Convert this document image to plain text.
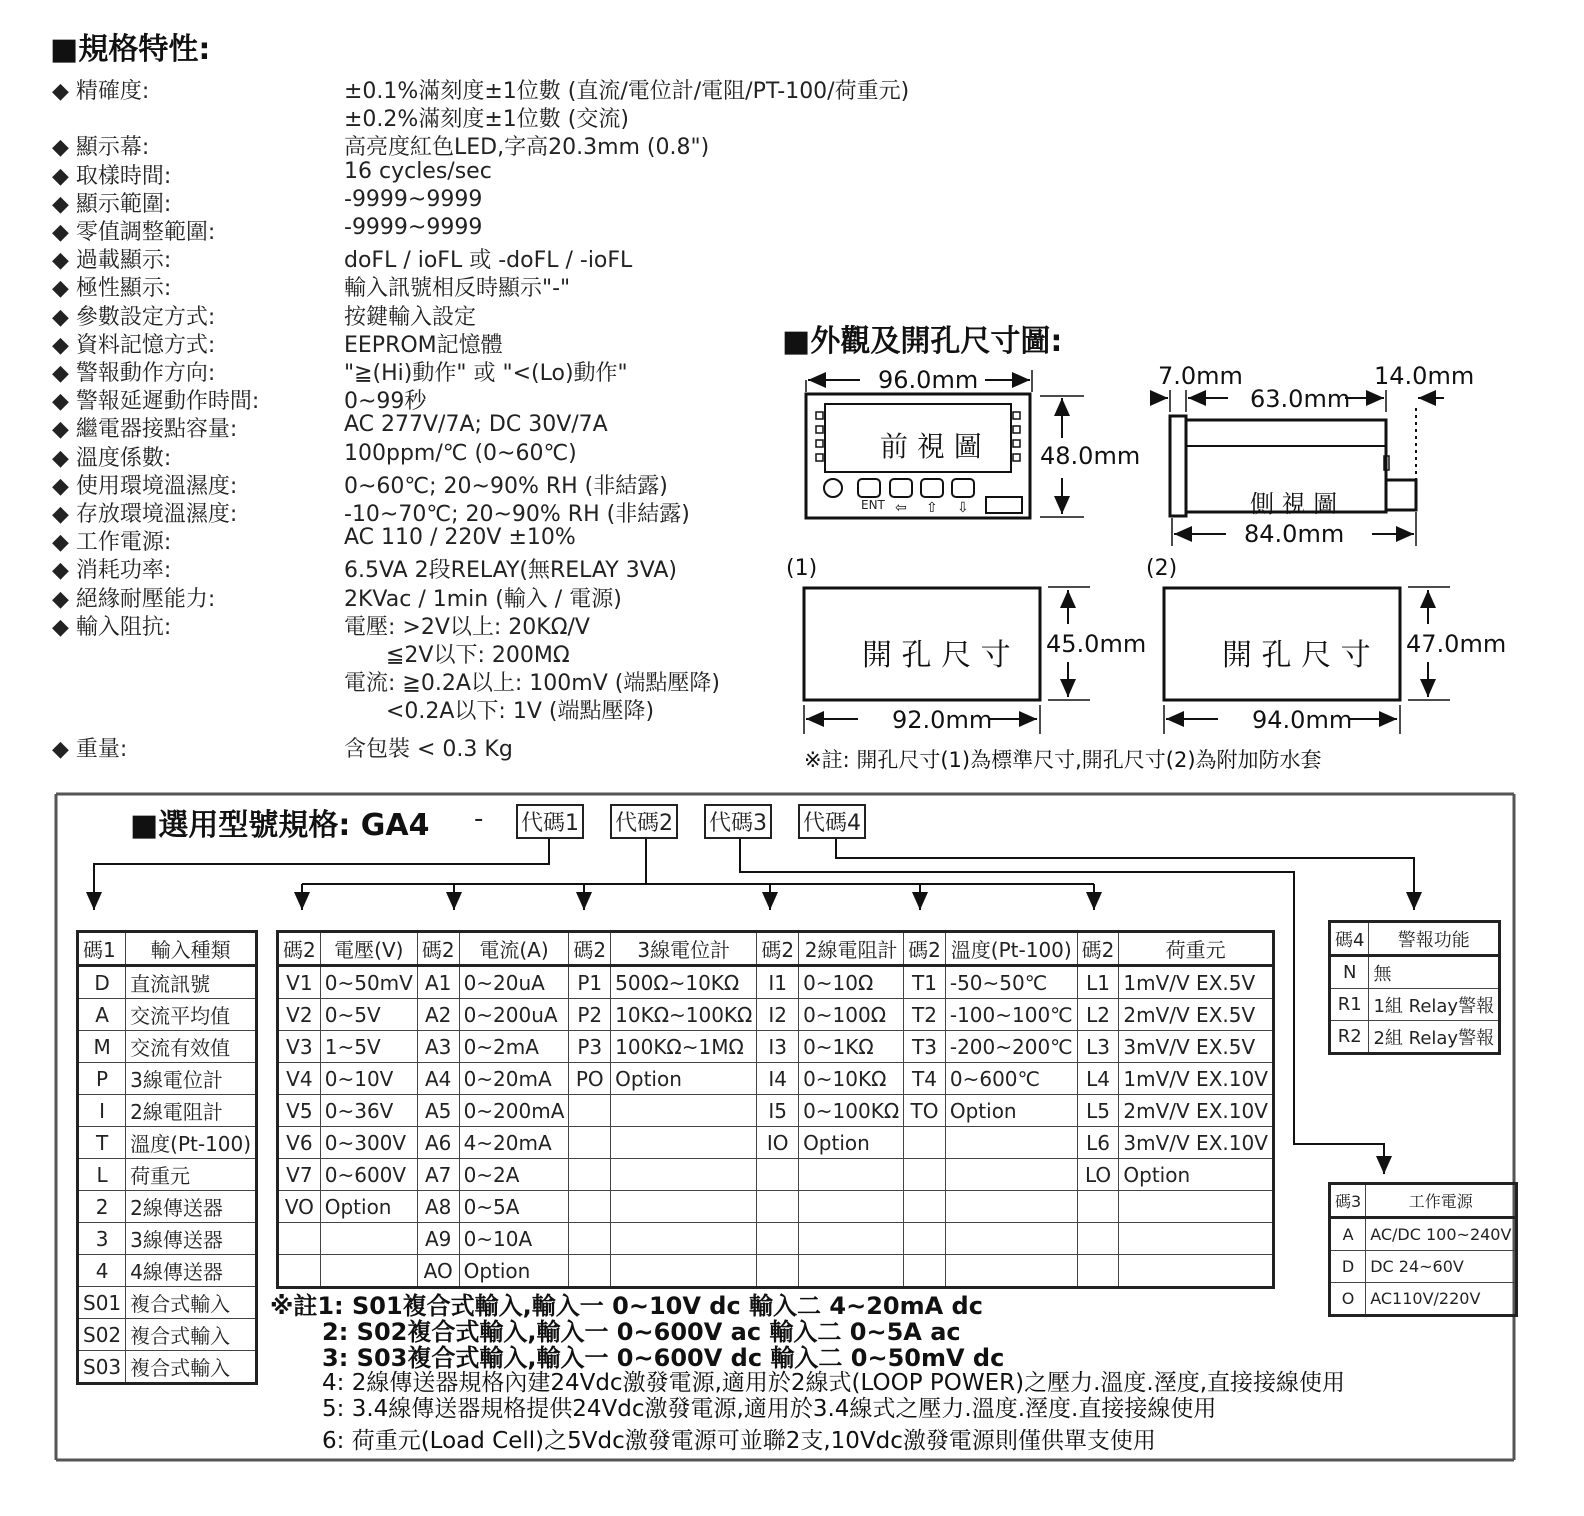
■規格特性:
◆ 精確度:	±0.1%滿刻度±1位數 (直流/電位計/電阻/PT-100/荷重元)
±0.2%滿刻度±1位數 (交流)
◆ 顯示幕:	高亮度紅色LED,字高20.3mm (0.8")
◆ 取樣時間:	16 cycles/sec
◆ 顯示範圍:	-9999~9999
◆ 零值調整範圍:	-9999~9999
◆ 過載顯示:	doFL / ioFL 或 -doFL / -ioFL
◆ 極性顯示:	輸入訊號相反時顯示"-"
◆ 參數設定方式:	按鍵輸入設定
◆ 資料記憶方式:	EEPROM記憶體
◆ 警報動作方向:	"≧(Hi)動作" 或 "<(Lo)動作"
◆ 警報延遲動作時間:	0~99秒
◆ 繼電器接點容量:	AC 277V/7A; DC 30V/7A
◆ 溫度係數:	100ppm/℃ (0~60℃)
◆ 使用環境溫濕度:	0~60℃; 20~90% RH (非結露)
◆ 存放環境溫濕度:	-10~70℃; 20~90% RH (非結露)
◆ 工作電源:	AC 110 / 220V ±10%
◆ 消耗功率:	6.5VA 2段RELAY(無RELAY 3VA)
◆ 絕緣耐壓能力:	2KVac / 1min (輸入 / 電源)
◆ 輸入阻抗:	電壓: >2V以上: 20KΩ/V
≦2V以下: 200MΩ
電流: ≧0.2A以上: 100mV (端點壓降)
<0.2A以下: 1V (端點壓降)
◆ 重量:	含包裝 < 0.3 Kg
■外觀及開孔尺寸圖:
⇦ ⇧ ⇩
前 視 圖
ENT	側 視 圖
96.0mm
48.0mm
7.0mm
63.0mm
14.0mm
84.0mm
(1)	(2)
開 孔 尺 寸	開 孔 尺 寸
45.0mm	47.0mm
92.0mm	94.0mm
※註: 開孔尺寸(1)為標準尺寸,開孔尺寸(2)為附加防水套
■選用型號規格: GA4 - 代碼1 代碼2 代碼3 代碼4
碼1	輸入種類
D	直流訊號
A	交流平均值
M	交流有效值
P	3線電位計
I	2線電阻計
T	溫度(Pt-100)
L	荷重元
2	2線傳送器
3	3線傳送器
4	4線傳送器
S01	複合式輸入
S02	複合式輸入
S03	複合式輸入
碼2	電壓(V)	碼2	電流(A)	碼2	3線電位計	碼2	2線電阻計	碼2	溫度(Pt-100)	碼2	荷重元
V1	0~50mV	A1	0~20uA	P1	500Ω~10KΩ	I1	0~10Ω	T1	-50~50℃	L1	1mV/V EX.5V
V2	0~5V	A2	0~200uA	P2	10KΩ~100KΩ	I2	0~100Ω	T2	-100~100℃	L2	2mV/V EX.5V
V3	1~5V	A3	0~2mA	P3	100KΩ~1MΩ	I3	0~1KΩ	T3	-200~200℃	L3	3mV/V EX.5V
V4	0~10V	A4	0~20mA	PO	Option	I4	0~10KΩ	T4	0~600℃	L4	1mV/V EX.10V
V5	0~36V	A5	0~200mA			I5	0~100KΩ	TO	Option	L5	2mV/V EX.10V
V6	0~300V	A6	4~20mA			IO	Option			L6	3mV/V EX.10V
V7	0~600V	A7	0~2A							LO	Option
VO	Option	A8	0~5A								
		A9	0~10A								
		AO	Option								
碼4	警報功能
N	無
R1	1組 Relay警報
R2	2組 Relay警報
碼3	工作電源
A	AC/DC 100~240V
D	DC 24~60V
O	AC110V/220V
※註1: S01複合式輸入,輸入一 0~10V dc 輸入二 4~20mA dc
2: S02複合式輸入,輸入一 0~600V ac 輸入二 0~5A ac
3: S03複合式輸入,輸入一 0~600V dc 輸入二 0~50mV dc
4: 2線傳送器規格內建24Vdc激發電源,適用於2線式(LOOP POWER)之壓力.溫度.溼度,直接接線使用
5: 3.4線傳送器規格提供24Vdc激發電源,適用於3.4線式之壓力.溫度.溼度.直接接線使用
6: 荷重元(Load Cell)之5Vdc激發電源可並聯2支,10Vdc激發電源則僅供單支使用
